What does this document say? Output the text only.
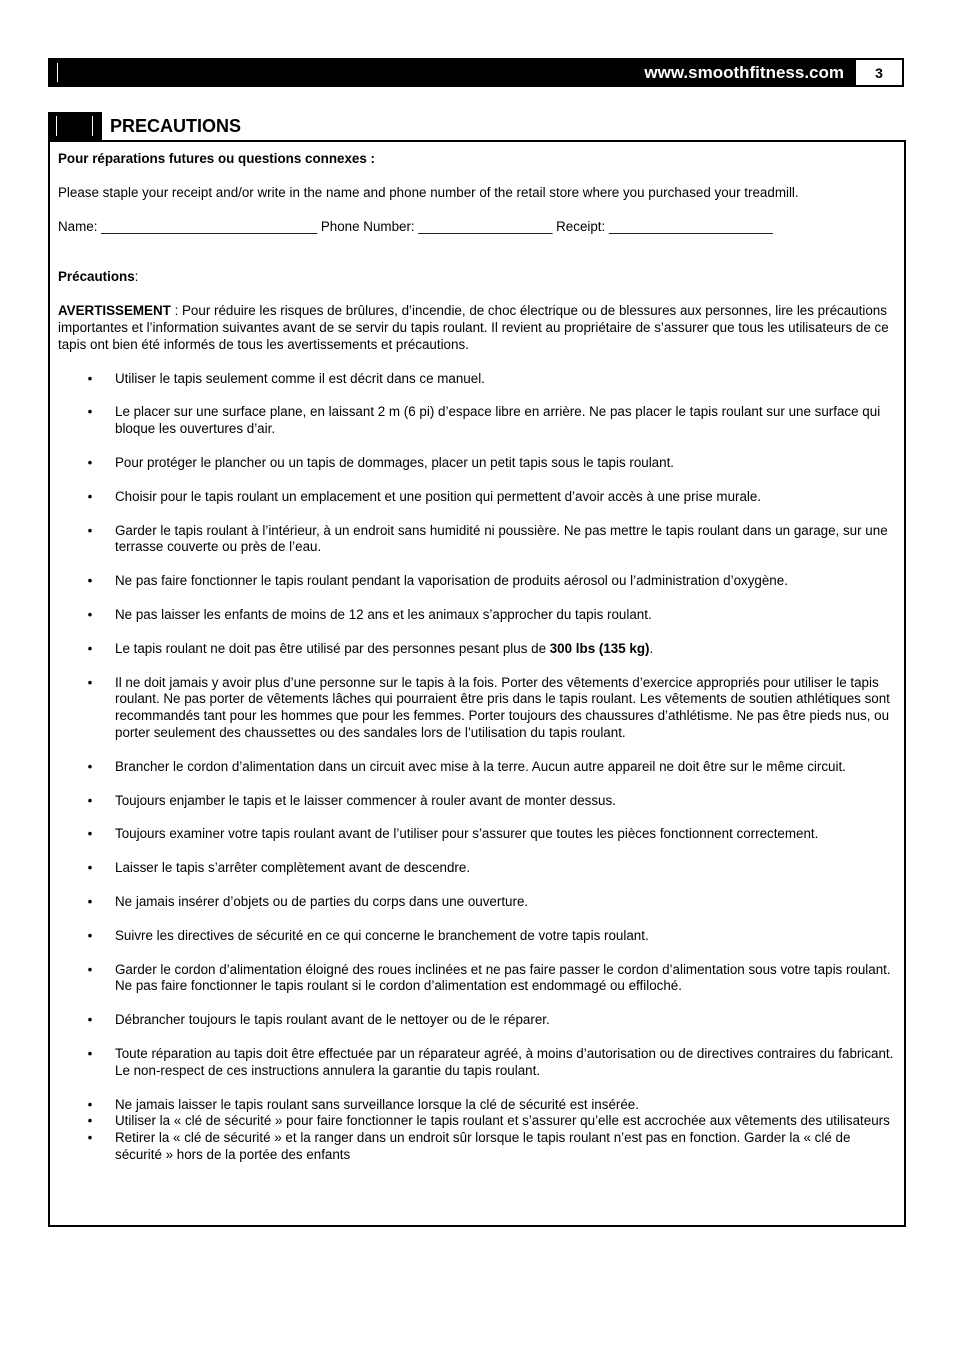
www.smoothfitness.com	3
PRECAUTIONS

Pour réparations futures ou questions connexes :

Please staple your receipt and/or write in the name and phone number of the retail store where you purchased your treadmill.

Name: _____________________________ Phone Number: __________________ Receipt: ______________________

Précautions:

AVERTISSEMENT : Pour réduire les risques de brûlures, d’incendie, de choc électrique ou de blessures aux personnes, lire les précautions importantes et l’information suivantes avant de se servir du tapis roulant. Il revient au propriétaire de s’assurer que tous les utilisateurs de ce tapis ont bien été informés de tous les avertissements et précautions.

• Utiliser le tapis seulement comme il est décrit dans ce manuel.
• Le placer sur une surface plane, en laissant 2 m (6 pi) d’espace libre en arrière. Ne pas placer le tapis roulant sur une surface qui bloque les ouvertures d’air.
• Pour protéger le plancher ou un tapis de dommages, placer un petit tapis sous le tapis roulant.
• Choisir pour le tapis roulant un emplacement et une position qui permettent d’avoir accès à une prise murale.
• Garder le tapis roulant à l’intérieur, à un endroit sans humidité ni poussière. Ne pas mettre le tapis roulant dans un garage, sur une terrasse couverte ou près de l’eau.
• Ne pas faire fonctionner le tapis roulant pendant la vaporisation de produits aérosol ou l’administration d’oxygène.
• Ne pas laisser les enfants de moins de 12 ans et les animaux s’approcher du tapis roulant.
• Le tapis roulant ne doit pas être utilisé par des personnes pesant plus de 300 lbs (135 kg).
• Il ne doit jamais y avoir plus d’une personne sur le tapis à la fois. Porter des vêtements d’exercice appropriés pour utiliser le tapis roulant. Ne pas porter de vêtements lâches qui pourraient être pris dans le tapis roulant. Les vêtements de soutien athlétiques sont recommandés tant pour les hommes que pour les femmes. Porter toujours des chaussures d’athlétisme. Ne pas être pieds nus, ou porter seulement des chaussettes ou des sandales lors de l’utilisation du tapis roulant.
• Brancher le cordon d’alimentation dans un circuit avec mise à la terre. Aucun autre appareil ne doit être sur le même circuit.
• Toujours enjamber le tapis et le laisser commencer à rouler avant de monter dessus.
• Toujours examiner votre tapis roulant avant de l’utiliser pour s’assurer que toutes les pièces fonctionnent correctement.
• Laisser le tapis s’arrêter complètement avant de descendre.
• Ne jamais insérer d’objets ou de parties du corps dans une ouverture.
• Suivre les directives de sécurité en ce qui concerne le branchement de votre tapis roulant.
• Garder le cordon d’alimentation éloigné des roues inclinées et ne pas faire passer le cordon d’alimentation sous votre tapis roulant. Ne pas faire fonctionner le tapis roulant si le cordon d’alimentation est endommagé ou effiloché.
• Débrancher toujours le tapis roulant avant de le nettoyer ou de le réparer.
• Toute réparation au tapis doit être effectuée par un réparateur agréé, à moins d’autorisation ou de directives contraires du fabricant. Le non-respect de ces instructions annulera la garantie du tapis roulant.
• Ne jamais laisser le tapis roulant sans surveillance lorsque la clé de sécurité est insérée.
• Utiliser la « clé de sécurité » pour faire fonctionner le tapis roulant et s’assurer qu’elle est accrochée aux vêtements des utilisateurs
• Retirer la « clé de sécurité » et la ranger dans un endroit sûr lorsque le tapis roulant n’est pas en fonction. Garder la « clé de sécurité » hors de la portée des enfants
